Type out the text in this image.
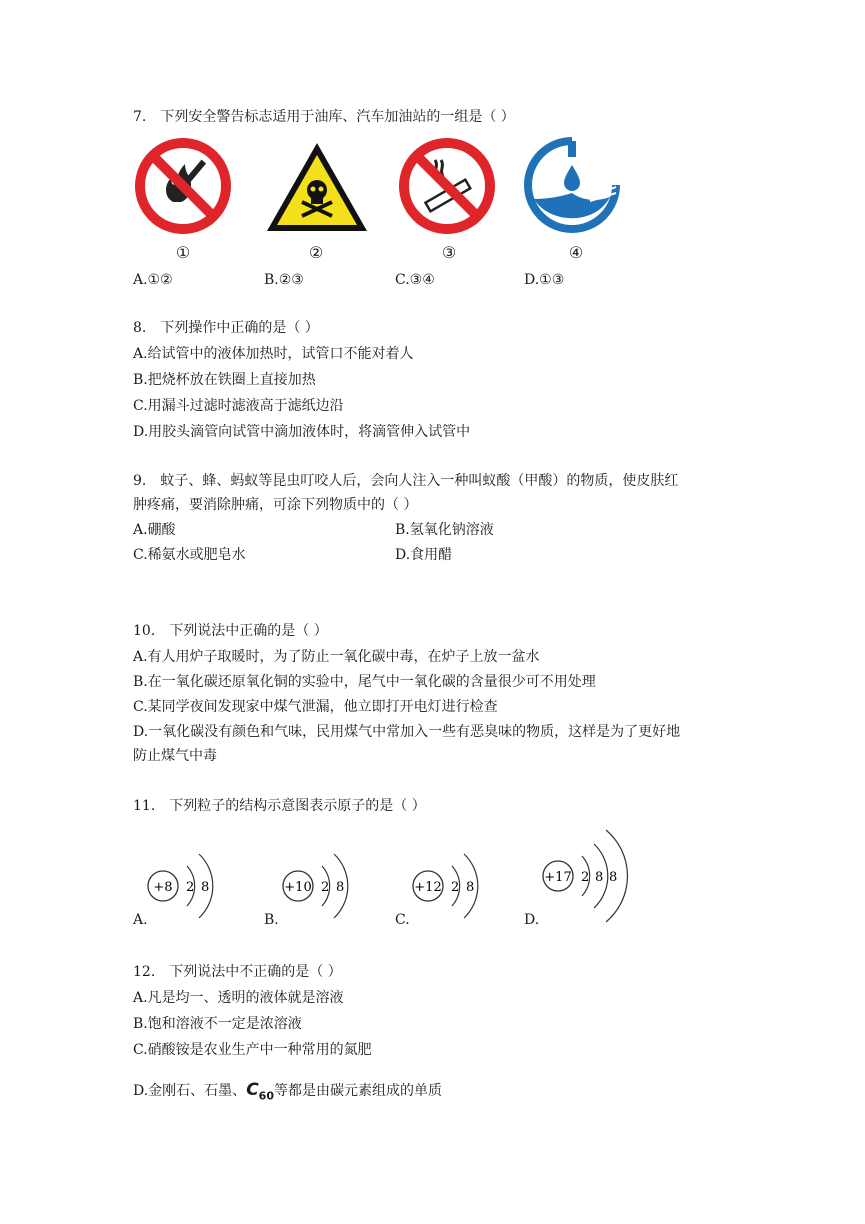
7.　下列安全警告标志适用于油库、汽车加油站的一组是（ ）
①	②	③	④
A.①②	B.②③	C.③④	D.①③
8.　下列操作中正确的是（ ）
A.给试管中的液体加热时，试管口不能对着人
B.把烧杯放在铁圈上直接加热
C.用漏斗过滤时滤液高于滤纸边沿
D.用胶头滴管向试管中滴加液体时，将滴管伸入试管中
9.　蚊子、蜂、蚂蚁等昆虫叮咬人后，会向人注入一种叫蚁酸（甲酸）的物质，使皮肤红
肿疼痛，要消除肿痛，可涂下列物质中的（ ）
A.硼酸	B.氢氧化钠溶液
C.稀氨水或肥皂水	D.食用醋
10.　下列说法中正确的是（ ）
A.有人用炉子取暖时，为了防止一氧化碳中毒，在炉子上放一盆水
B.在一氧化碳还原氧化铜的实验中，尾气中一氧化碳的含量很少可不用处理
C.某同学夜间发现家中煤气泄漏，他立即打开电灯进行检查
D.一氧化碳没有颜色和气味，民用煤气中常加入一些有恶臭味的物质，这样是为了更好地
防止煤气中毒
11.　下列粒子的结构示意图表示原子的是（ ）
+8 2 8
A.
+10 2 8
B.
+12 2 8
C.
+17 2 8 8
D.
12.　下列说法中不正确的是（ ）
A.凡是均一、透明的液体就是溶液
B.饱和溶液不一定是浓溶液
C.硝酸铵是农业生产中一种常用的氮肥
D.金刚石、石墨、$C_{60}$等都是由碳元素组成的单质
